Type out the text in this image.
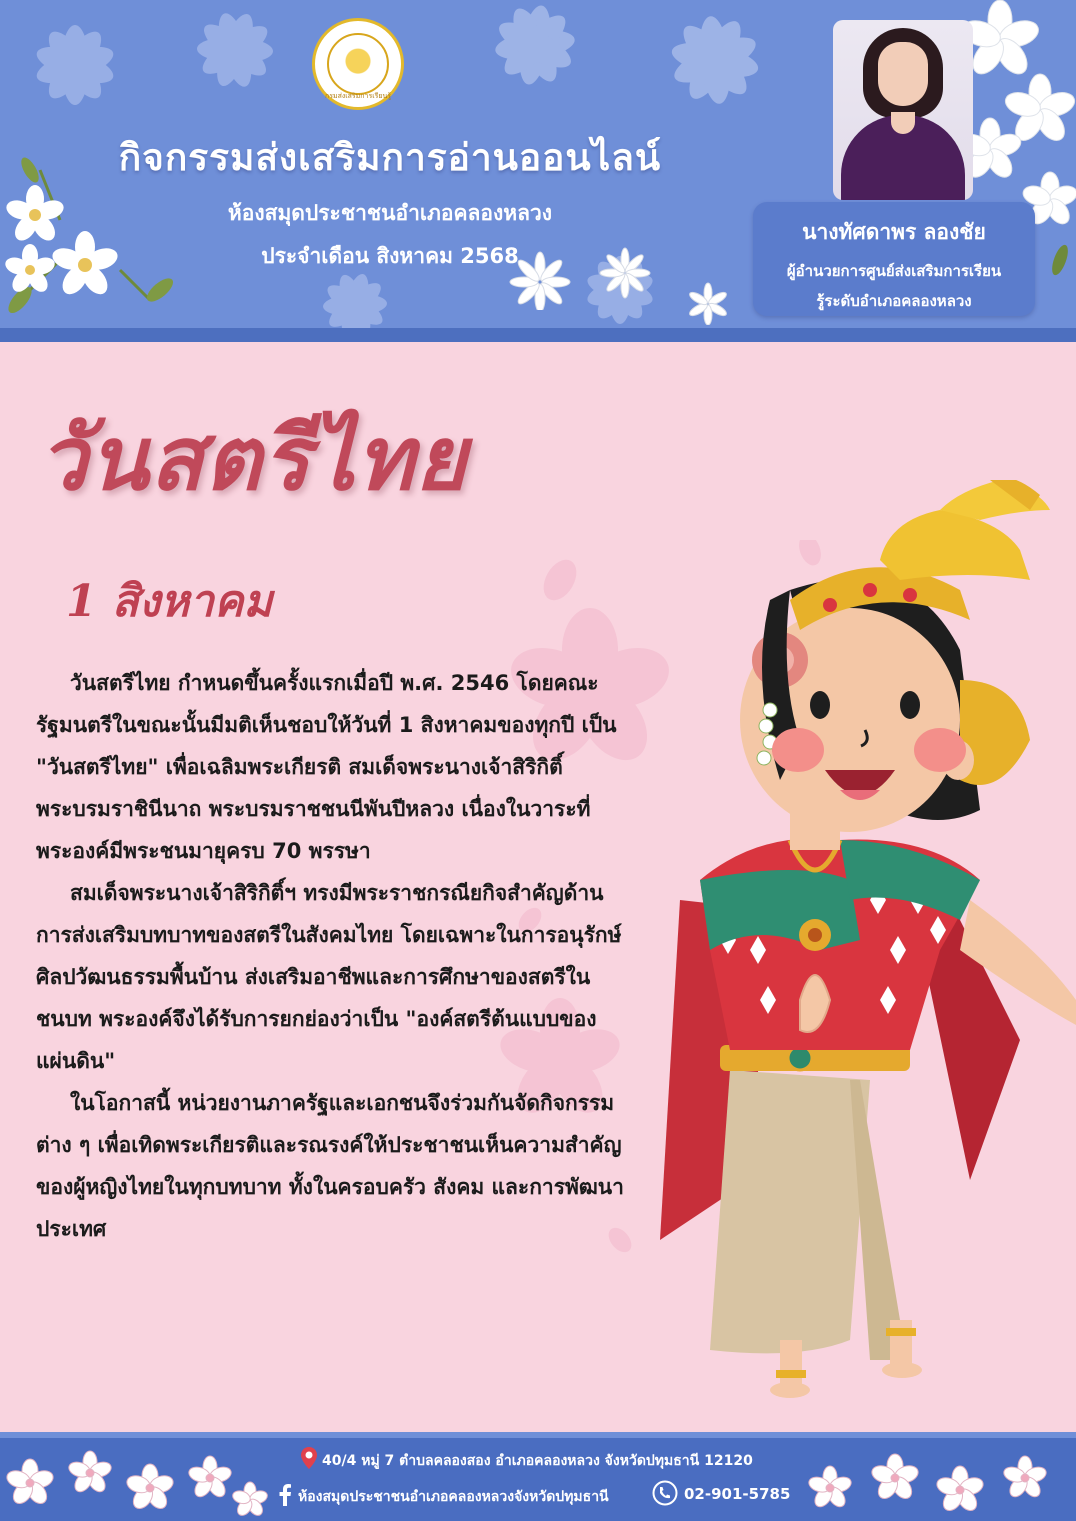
กรมส่งเสริมการเรียนรู้
กิจกรรมส่งเสริมการอ่านออนไลน์
ห้องสมุดประชาชนอำเภอคลองหลวง
ประจำเดือน สิงหาคม 2568
นางทัศดาพร ลองชัย
ผู้อำนวยการศูนย์ส่งเสริมการเรียน
รู้ระดับอำเภอคลองหลวง
วันสตรีไทย
1 สิงหาคม

วันสตรีไทย กำหนดขึ้นครั้งแรกเมื่อปี พ.ศ. 2546 โดยคณะรัฐมนตรีในขณะนั้นมีมติเห็นชอบให้วันที่ 1 สิงหาคมของทุกปี เป็น "วันสตรีไทย" เพื่อเฉลิมพระเกียรติ สมเด็จพระนางเจ้าสิริกิติ์ พระบรมราชินีนาถ พระบรมราชชนนีพันปีหลวง เนื่องในวาระที่พระองค์มีพระชนมายุครบ 70 พรรษา

สมเด็จพระนางเจ้าสิริกิติ์ฯ ทรงมีพระราชกรณียกิจสำคัญด้านการส่งเสริมบทบาทของสตรีในสังคมไทย โดยเฉพาะในการอนุรักษ์ศิลปวัฒนธรรมพื้นบ้าน ส่งเสริมอาชีพและการศึกษาของสตรีในชนบท พระองค์จึงได้รับการยกย่องว่าเป็น "องค์สตรีต้นแบบของแผ่นดิน"

ในโอกาสนี้ หน่วยงานภาครัฐและเอกชนจึงร่วมกันจัดกิจกรรมต่าง ๆ เพื่อเทิดพระเกียรติและรณรงค์ให้ประชาชนเห็นความสำคัญของผู้หญิงไทยในทุกบทบาท ทั้งในครอบครัว สังคม และการพัฒนาประเทศ

40/4 หมู่ 7 ตำบลคลองสอง อำเภอคลองหลวง จังหวัดปทุมธานี 12120
ห้องสมุดประชาชนอำเภอคลองหลวงจังหวัดปทุมธานี	02-901-5785
